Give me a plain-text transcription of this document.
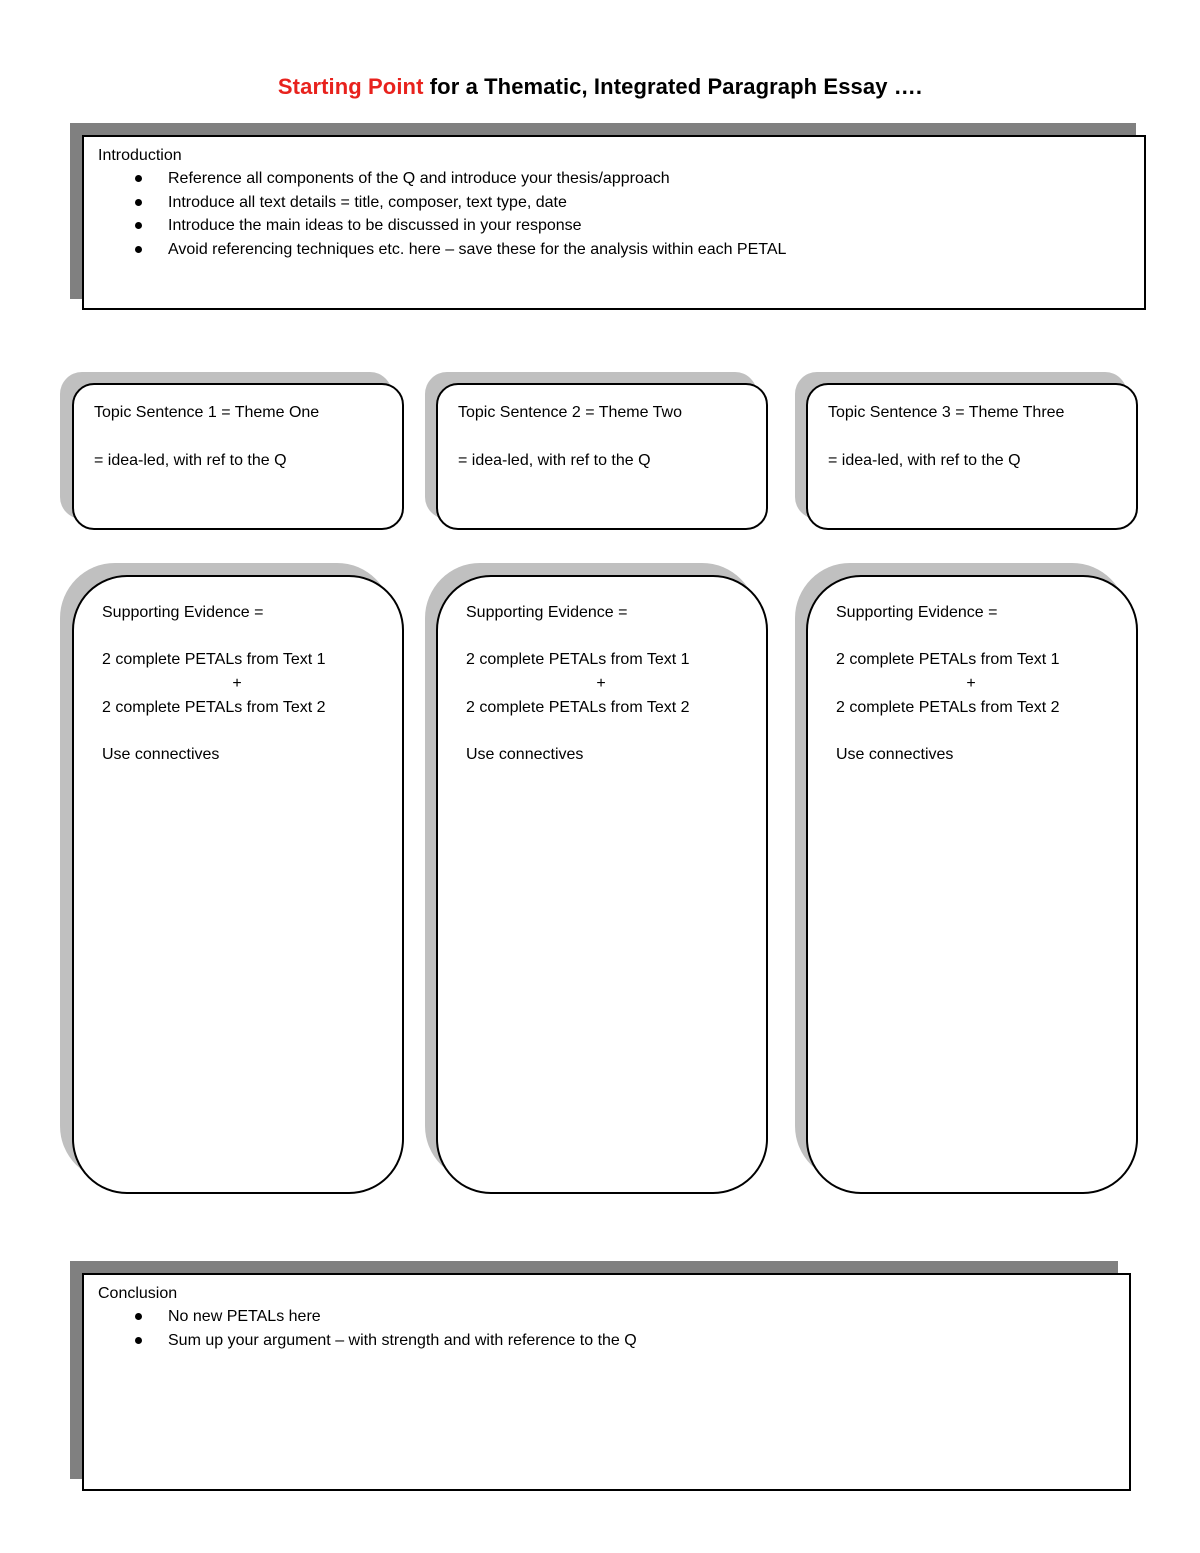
Starting Point for a Thematic, Integrated Paragraph Essay ….
Introduction
Reference all components of the Q and introduce your thesis/approach
Introduce all text details = title, composer, text type, date
Introduce the main ideas to be discussed in your response
Avoid referencing techniques etc. here – save these for the analysis within each PETAL

Topic Sentence 1 = Theme One

= idea-led, with ref to the Q

Topic Sentence 2 = Theme Two

= idea-led, with ref to the Q

Topic Sentence 3 = Theme Three

= idea-led, with ref to the Q

Supporting Evidence =

2 complete PETALs from Text 1

+

2 complete PETALs from Text 2

Use connectives

Supporting Evidence =

2 complete PETALs from Text 1

+

2 complete PETALs from Text 2

Use connectives

Supporting Evidence =

2 complete PETALs from Text 1

+

2 complete PETALs from Text 2

Use connectives

Conclusion
No new PETALs here
Sum up your argument – with strength and with reference to the Q
